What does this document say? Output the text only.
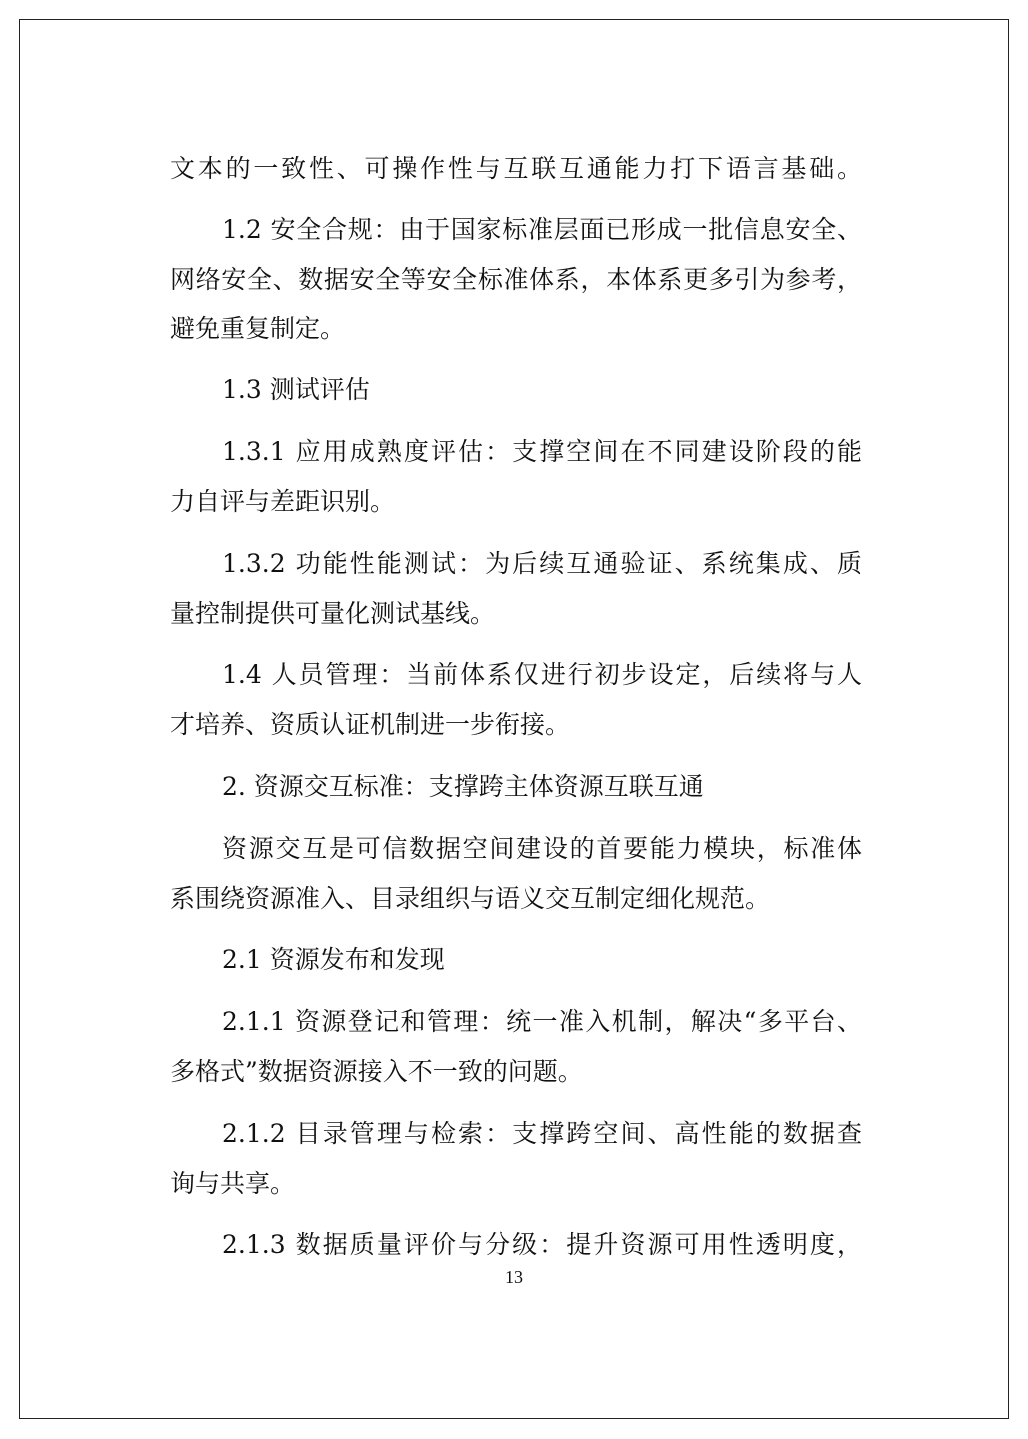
文本的一致性、可操作性与互联互通能力打下语言基础。
1.2 安全合规：由于国家标准层面已形成一批信息安全、
网络安全、数据安全等安全标准体系，本体系更多引为参考，
避免重复制定。
1.3 测试评估
1.3.1 应用成熟度评估：支撑空间在不同建设阶段的能
力自评与差距识别。
1.3.2 功能性能测试：为后续互通验证、系统集成、质
量控制提供可量化测试基线。
1.4 人员管理：当前体系仅进行初步设定，后续将与人
才培养、资质认证机制进一步衔接。
2. 资源交互标准：支撑跨主体资源互联互通
资源交互是可信数据空间建设的首要能力模块，标准体
系围绕资源准入、目录组织与语义交互制定细化规范。
2.1 资源发布和发现
2.1.1 资源登记和管理：统一准入机制，解决“多平台、
多格式”数据资源接入不一致的问题。
2.1.2 目录管理与检索：支撑跨空间、高性能的数据查
询与共享。
2.1.3 数据质量评价与分级：提升资源可用性透明度，
13
